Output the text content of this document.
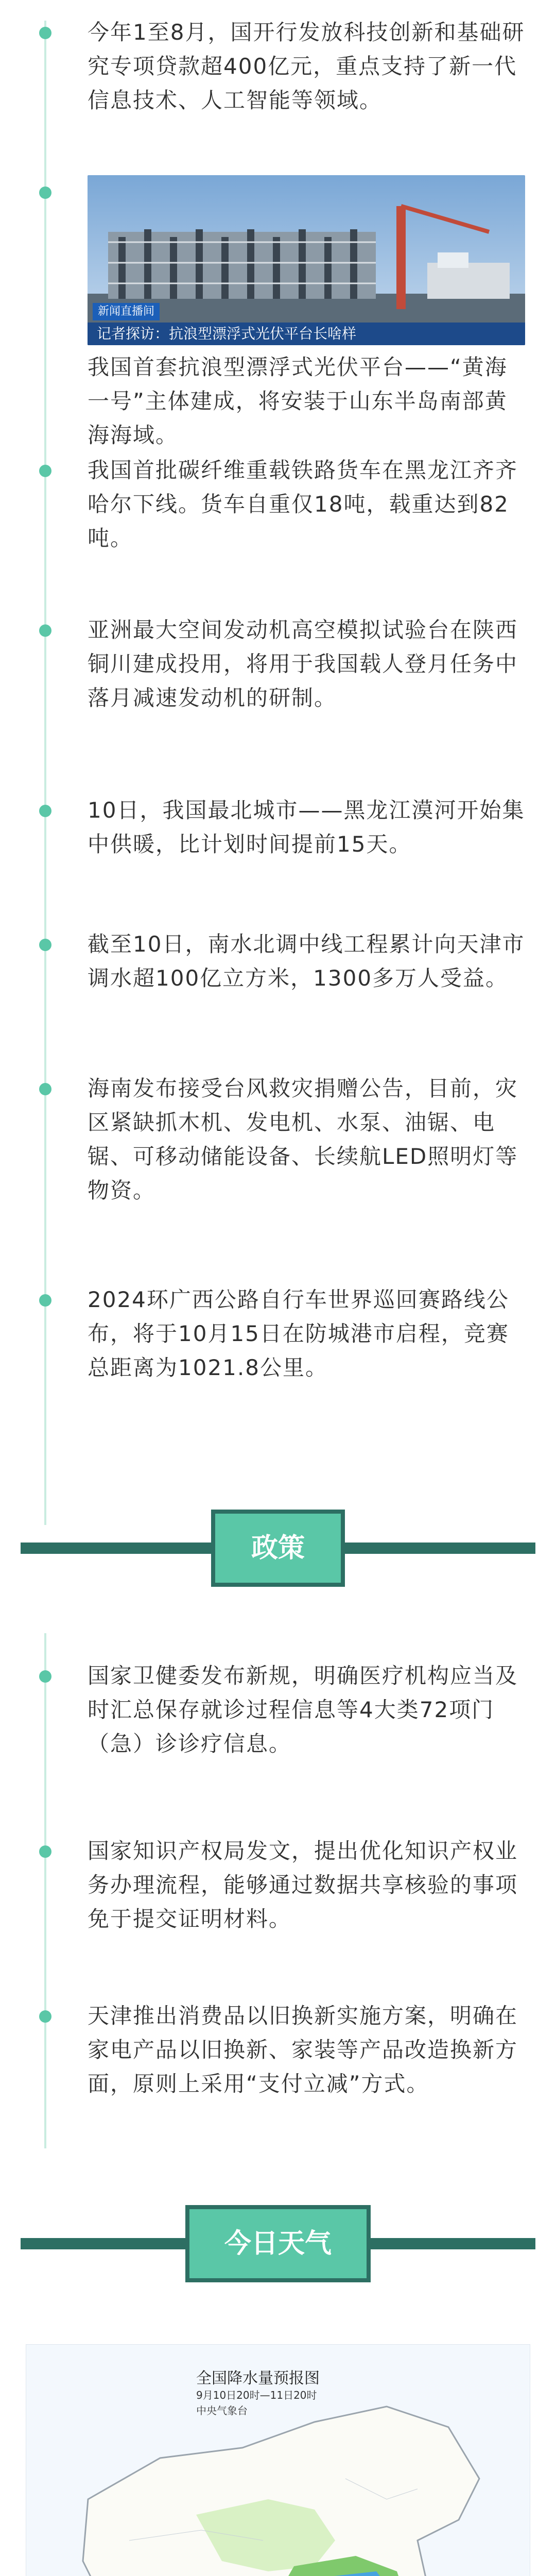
今年1至8月，国开行发放科技创新和基础研究专项贷款超400亿元，重点支持了新一代信息技术、人工智能等领域。
新闻直播间
记者探访：抗浪型漂浮式光伏平台长啥样
我国首套抗浪型漂浮式光伏平台——“黄海一号”主体建成，将安装于山东半岛南部黄海海域。
我国首批碳纤维重载铁路货车在黑龙江齐齐哈尔下线。货车自重仅18吨，载重达到82吨。
亚洲最大空间发动机高空模拟试验台在陕西铜川建成投用，将用于我国载人登月任务中落月减速发动机的研制。
10日，我国最北城市——黑龙江漠河开始集中供暖，比计划时间提前15天。
截至10日，南水北调中线工程累计向天津市调水超100亿立方米，1300多万人受益。
海南发布接受台风救灾捐赠公告，目前，灾区紧缺抓木机、发电机、水泵、油锯、电锯、可移动储能设备、长续航LED照明灯等物资。
2024环广西公路自行车世界巡回赛路线公布，将于10月15日在防城港市启程，竞赛总距离为1021.8公里。
政策
国家卫健委发布新规，明确医疗机构应当及时汇总保存就诊过程信息等4大类72项门（急）诊诊疗信息。
国家知识产权局发文，提出优化知识产权业务办理流程，能够通过数据共享核验的事项免于提交证明材料。
天津推出消费品以旧换新实施方案，明确在家电产品以旧换新、家装等产品改造换新方面，原则上采用“支付立减”方式。
今日天气
全国降水量预报图
9月10日20时—11日20时
中央气象台
